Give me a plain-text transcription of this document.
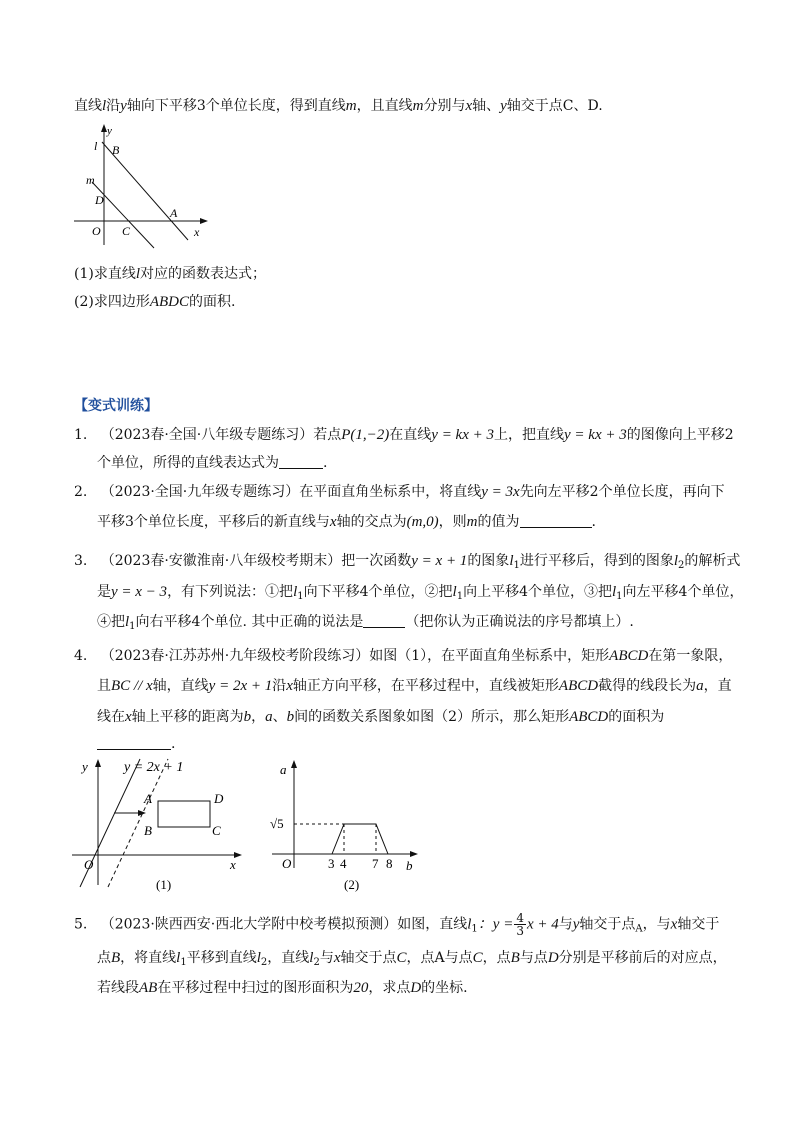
直线l沿y轴向下平移3个单位长度，得到直线m，且直线m分别与x轴、y轴交于点C、D.
y
l B
m
D
A
O C	x
(1)求直线l对应的函数表达式；
(2)求四边形ABDC的面积.
【变式训练】
1. （2023春·全国·八年级专题练习）若点P(1,−2)在直线y = kx + 3上，把直线y = kx + 3的图像向上平移2
个单位，所得的直线表达式为	.
2. （2023·全国·九年级专题练习）在平面直角坐标系中，将直线y = 3x先向左平移2个单位长度，再向下
平移3个单位长度，平移后的新直线与x轴的交点为(m,0)，则m的值为	.
3. （2023春·安徽淮南·八年级校考期末）把一次函数y = x + 1的图象$l_1$进行平移后，得到的图象$l_2$的解析式
是y = x − 3，有下列说法：①把$l_1$向下平移4个单位，②把$l_1$向上平移4个单位，③把$l_1$向左平移4个单位，
④把$l_1$向右平移4个单位. 其中正确的说法是	（把你认为正确说法的序号都填上）.
4. （2023春·江苏苏州·九年级校考阶段练习）如图（1），在平面直角坐标系中，矩形ABCD在第一象限，
且BC // x轴，直线y = 2x + 1沿x轴正方向平移，在平移过程中，直线被矩形ABCD截得的线段长为a，直
线在x轴上平移的距离为b，a、b间的函数关系图象如图（2）所示，那么矩形ABCD的面积为
.
y	y = 2x + 1
A	D
B	C
O	x
(1)
a
√5
O	3 4 7 8 b
(2)
5. （2023·陕西西安·西北大学附中校考模拟预测）如图，直线$l_1$：$y = \frac{4}{3}$ x + 4与y轴交于点$_A$，与x轴交于
点B，将直线$l_1$平移到直线$l_2$，直线$l_2$与x轴交于点C，点A与点C，点B与点D分别是平移前后的对应点，
若线段AB在平移过程中扫过的图形面积为20，求点D的坐标.
